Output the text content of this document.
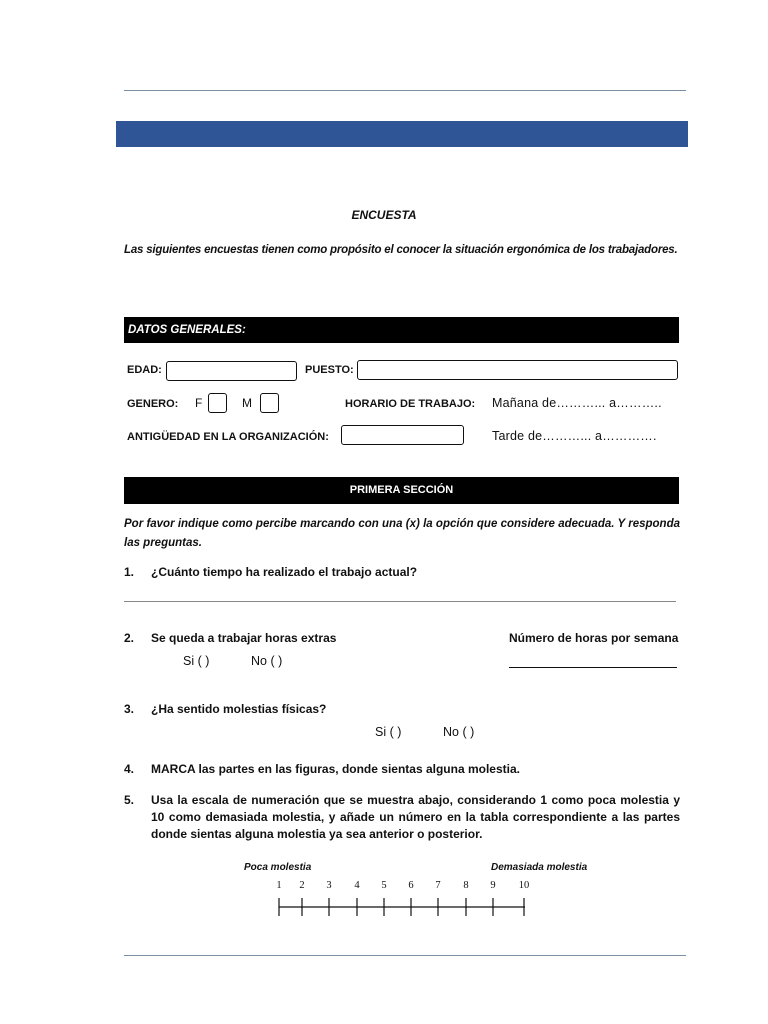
ENCUESTA
Las siguientes encuestas tienen como propósito el conocer la situación ergonómica de los trabajadores.
DATOS GENERALES:
EDAD:	PUESTO:
GENERO: F	M	HORARIO DE TRABAJO: Mañana de………... a………..
ANTIGÜEDAD EN LA ORGANIZACIÓN:	Tarde de………... a………….
PRIMERA SECCIÓN
Por favor indique como percibe marcando con una (x) la opción que considere adecuada. Y responda las preguntas.
1. ¿Cuánto tiempo ha realizado el trabajo actual?
2. Se queda a trabajar horas extras	Número de horas por semana
Si ( )	No ( )
3. ¿Ha sentido molestias físicas?
Si ( )	No ( )
4. MARCA las partes en las figuras, donde sientas alguna molestia.
5. Usa la escala de numeración que se muestra abajo, considerando 1 como poca molestia y 10 como demasiada molestia, y añade un número en la tabla correspondiente a las partes donde sientas alguna molestia ya sea anterior o posterior.
Poca molestia	Demasiada molestia
1	2	3	4	5	6	7	8	9	10
